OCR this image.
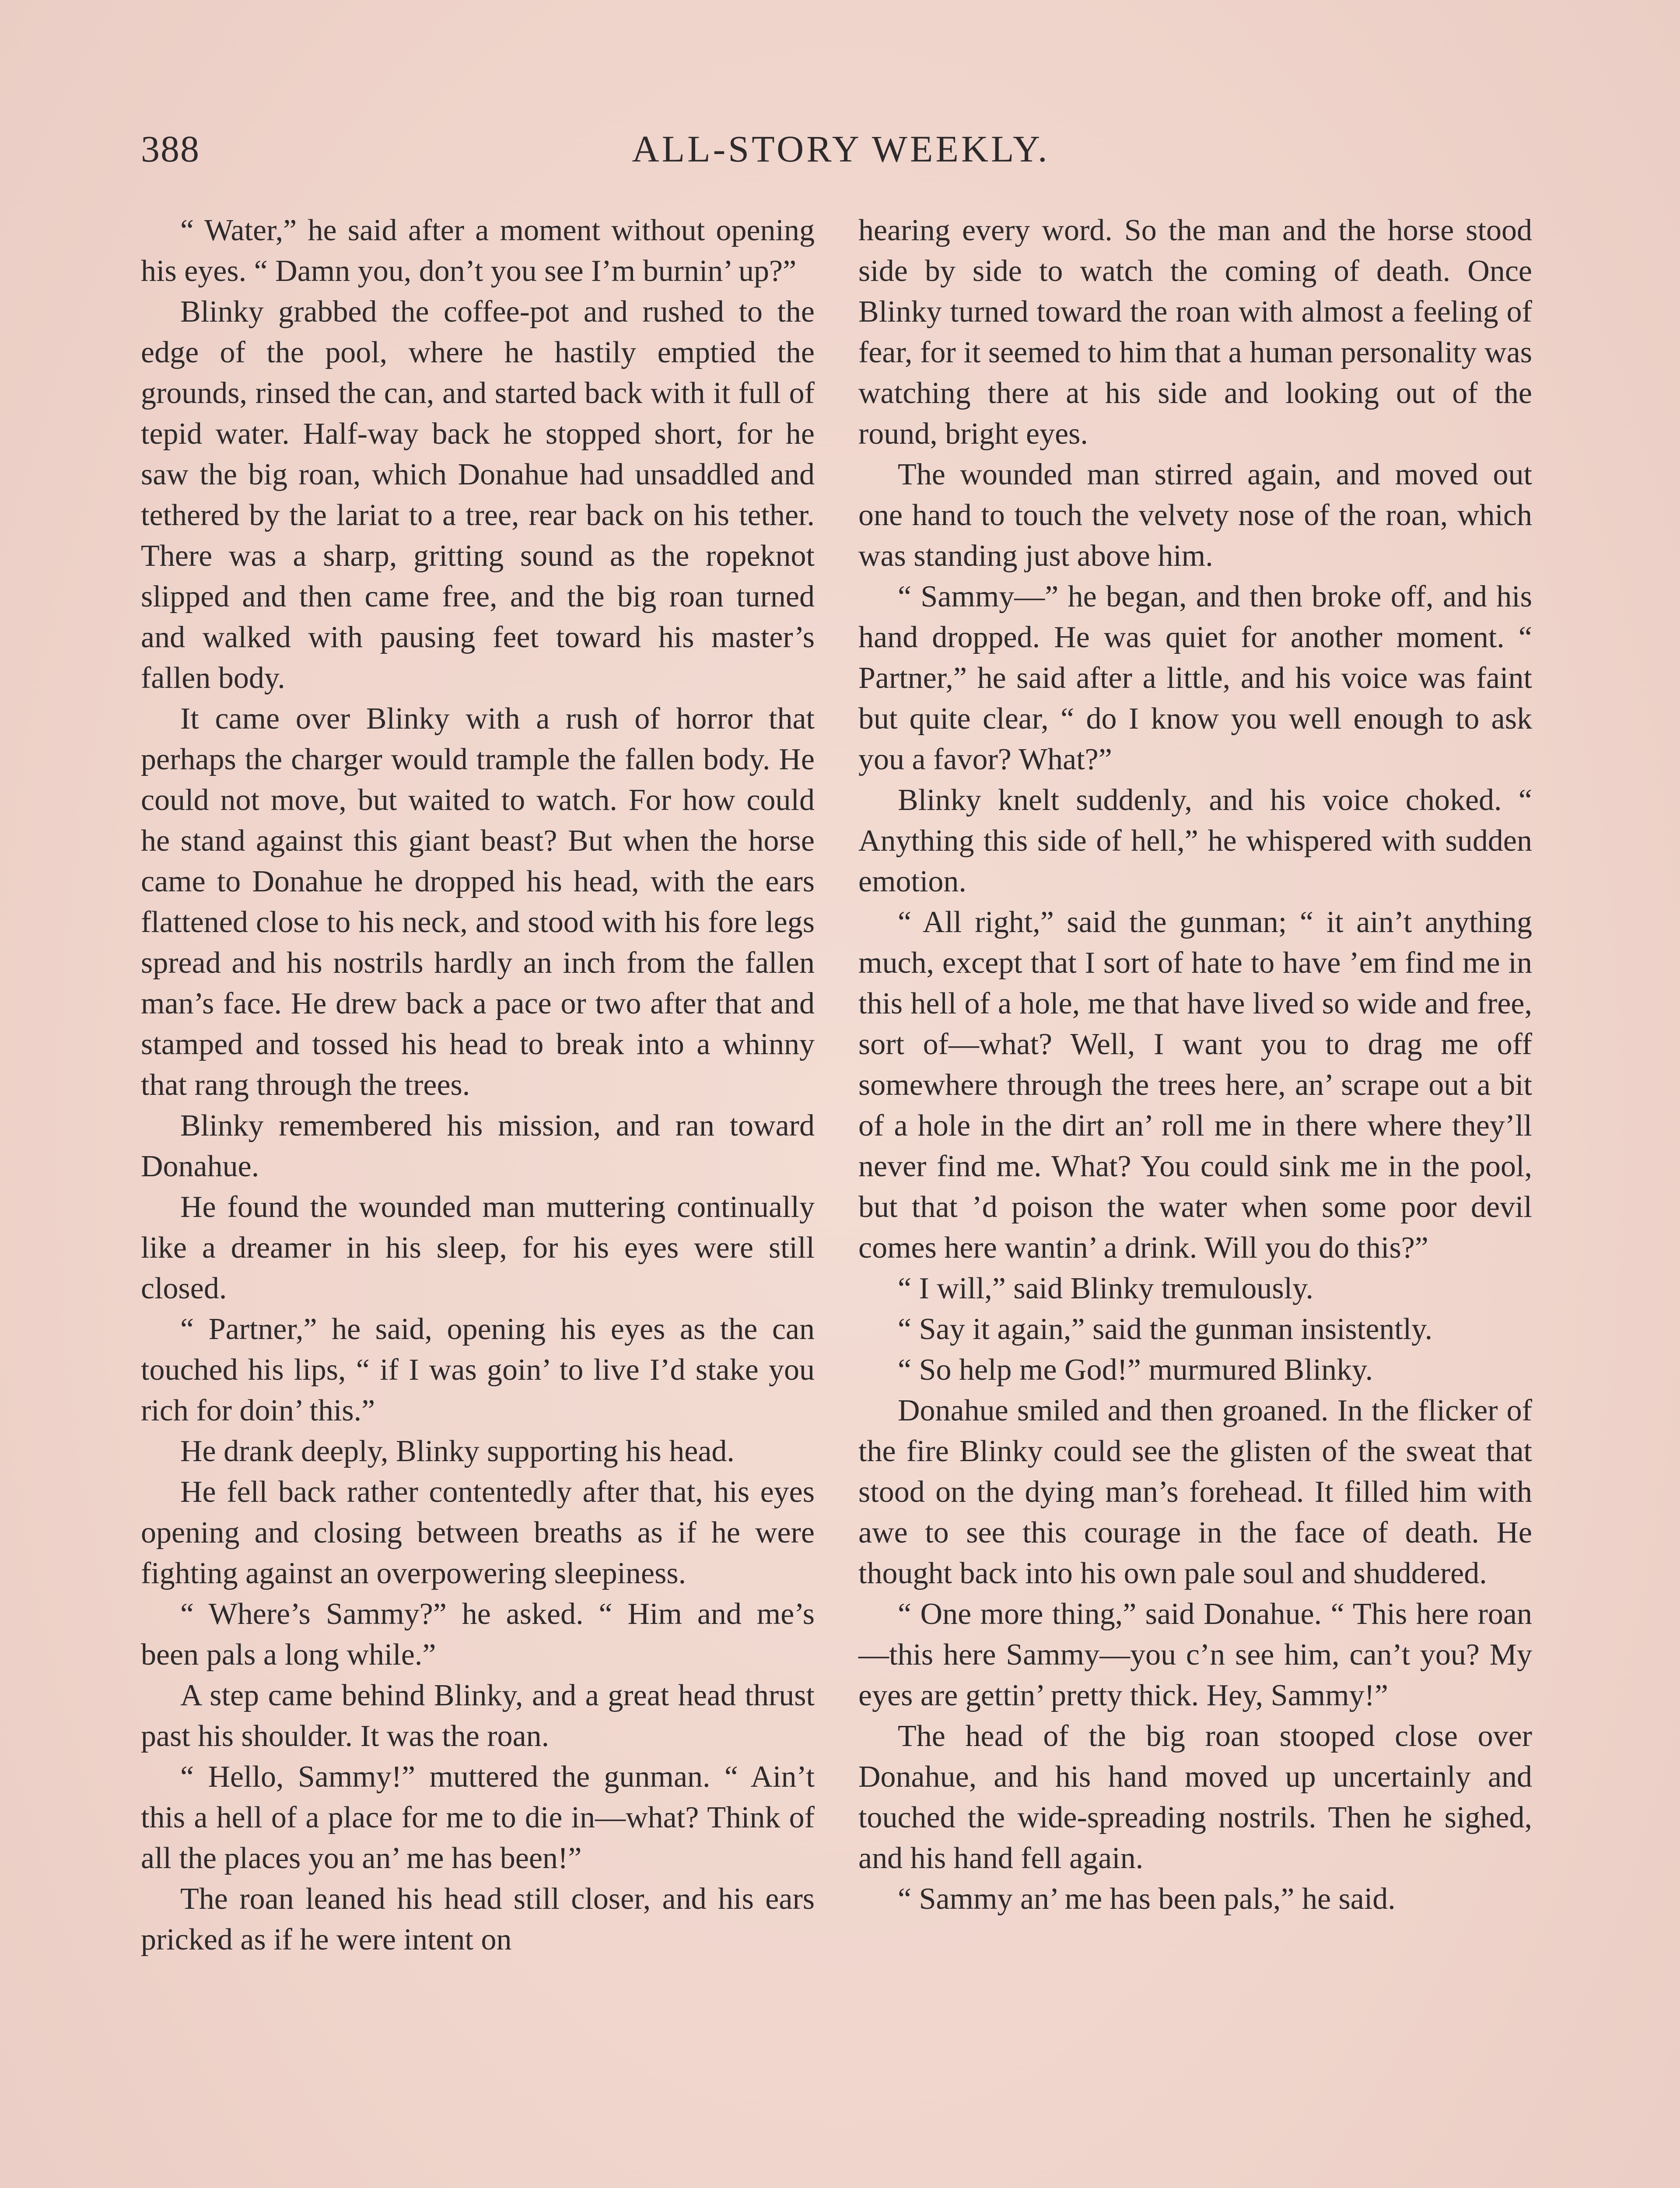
388	ALL-STORY WEEKLY.

“ Water,” he said after a moment without opening his eyes. “ Damn you, don’t you see I’m burnin’ up?”

Blinky grabbed the coffee-pot and rushed to the edge of the pool, where he hastily emptied the grounds, rinsed the can, and started back with it full of tepid water. Half-way back he stopped short, for he saw the big roan, which Donahue had unsaddled and tethered by the lariat to a tree, rear back on his tether. There was a sharp, gritting sound as the ropeknot slipped and then came free, and the big roan turned and walked with pausing feet toward his master’s fallen body.

It came over Blinky with a rush of horror that perhaps the charger would trample the fallen body. He could not move, but waited to watch. For how could he stand against this giant beast? But when the horse came to Donahue he dropped his head, with the ears flattened close to his neck, and stood with his fore legs spread and his nostrils hardly an inch from the fallen man’s face. He drew back a pace or two after that and stamped and tossed his head to break into a whinny that rang through the trees.

Blinky remembered his mission, and ran toward Donahue.

He found the wounded man muttering continually like a dreamer in his sleep, for his eyes were still closed.

“ Partner,” he said, opening his eyes as the can touched his lips, “ if I was goin’ to live I’d stake you rich for doin’ this.”

He drank deeply, Blinky supporting his head.

He fell back rather contentedly after that, his eyes opening and closing between breaths as if he were fighting against an overpowering sleepiness.

“ Where’s Sammy?” he asked. “ Him and me’s been pals a long while.”

A step came behind Blinky, and a great head thrust past his shoulder. It was the roan.

“ Hello, Sammy!” muttered the gunman. “ Ain’t this a hell of a place for me to die in—what? Think of all the places you an’ me has been!”

The roan leaned his head still closer, and his ears pricked as if he were intent on

hearing every word. So the man and the horse stood side by side to watch the coming of death. Once Blinky turned toward the roan with almost a feeling of fear, for it seemed to him that a human personality was watching there at his side and looking out of the round, bright eyes.

The wounded man stirred again, and moved out one hand to touch the velvety nose of the roan, which was standing just above him.

“ Sammy—” he began, and then broke off, and his hand dropped. He was quiet for another moment. “ Partner,” he said after a little, and his voice was faint but quite clear, “ do I know you well enough to ask you a favor? What?”

Blinky knelt suddenly, and his voice choked. “ Anything this side of hell,” he whispered with sudden emotion.

“ All right,” said the gunman; “ it ain’t anything much, except that I sort of hate to have ’em find me in this hell of a hole, me that have lived so wide and free, sort of—what? Well, I want you to drag me off somewhere through the trees here, an’ scrape out a bit of a hole in the dirt an’ roll me in there where they’ll never find me. What? You could sink me in the pool, but that ’d poison the water when some poor devil comes here wantin’ a drink. Will you do this?”

“ I will,” said Blinky tremulously.

“ Say it again,” said the gunman insistently.

“ So help me God!” murmured Blinky.

Donahue smiled and then groaned. In the flicker of the fire Blinky could see the glisten of the sweat that stood on the dying man’s forehead. It filled him with awe to see this courage in the face of death. He thought back into his own pale soul and shuddered.

“ One more thing,” said Donahue. “ This here roan—this here Sammy—you c’n see him, can’t you? My eyes are gettin’ pretty thick. Hey, Sammy!”

The head of the big roan stooped close over Donahue, and his hand moved up uncertainly and touched the wide-spreading nostrils. Then he sighed, and his hand fell again.

“ Sammy an’ me has been pals,” he said.
